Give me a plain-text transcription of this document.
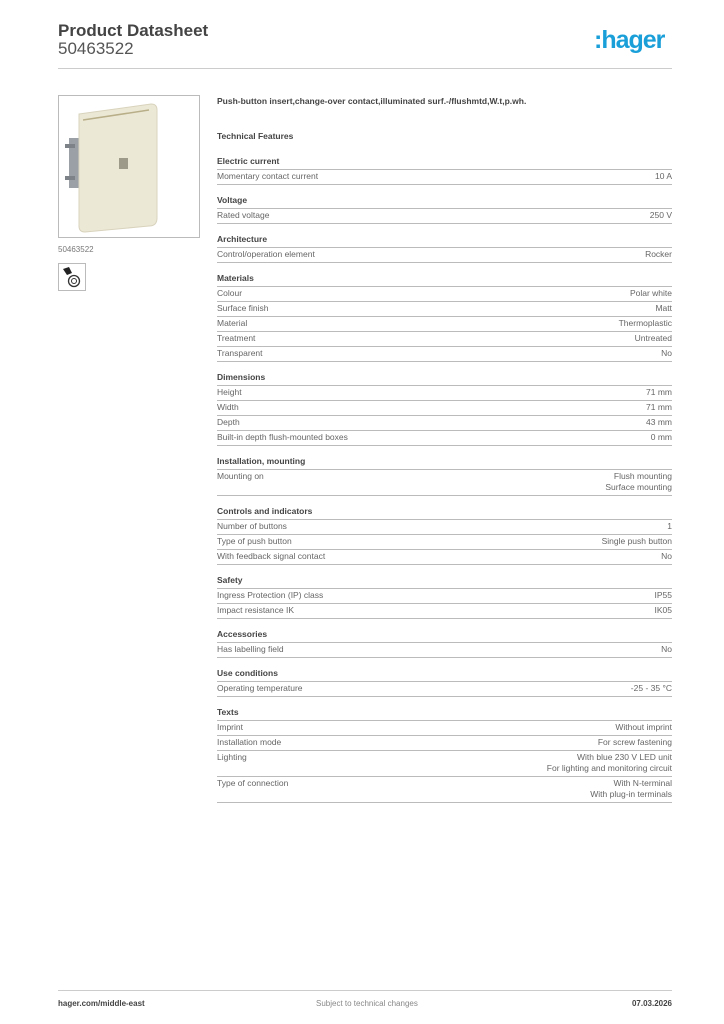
Product Datasheet
50463522	:hager
50463522
Push-button insert,change-over contact,illuminated surf.-/flushmtd,W.t,p.wh.
Technical Features
Electric current
Momentary contact current	10 A
Voltage
Rated voltage	250 V
Architecture
Control/operation element	Rocker
Materials
Colour	Polar white
Surface finish	Matt
Material	Thermoplastic
Treatment	Untreated
Transparent	No
Dimensions
Height	71 mm
Width	71 mm
Depth	43 mm
Built-in depth flush-mounted boxes	0 mm
Installation, mounting
Mounting on	Flush mounting
Surface mounting
Controls and indicators
Number of buttons	1
Type of push button	Single push button
With feedback signal contact	No
Safety
Ingress Protection (IP) class	IP55
Impact resistance IK	IK05
Accessories
Has labelling field	No
Use conditions
Operating temperature	-25 - 35 °C
Texts
Imprint	Without imprint
Installation mode	For screw fastening
Lighting	With blue 230 V LED unit
For lighting and monitoring circuit
Type of connection	With N-terminal
With plug-in terminals
hager.com/middle-east	Subject to technical changes	07.03.2026
